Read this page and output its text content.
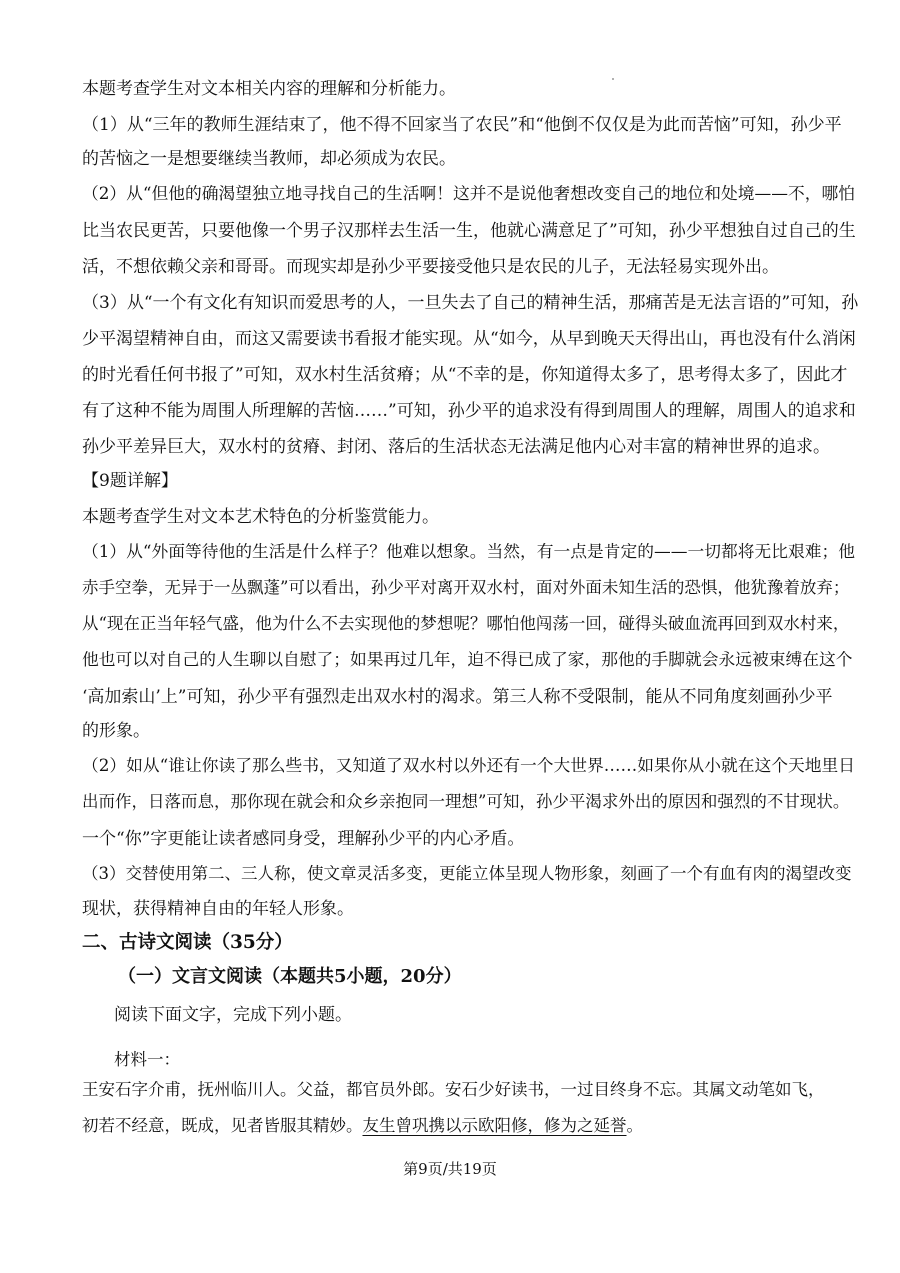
本题考查学生对文本相关内容的理解和分析能力。
（1）从“三年的教师生涯结束了，他不得不回家当了农民”和“他倒不仅仅是为此而苦恼”可知，孙少平
的苦恼之一是想要继续当教师，却必须成为农民。
（2）从“但他的确渴望独立地寻找自己的生活啊！这并不是说他奢想改变自己的地位和处境——不，哪怕
比当农民更苦，只要他像一个男子汉那样去生活一生，他就心满意足了”可知，孙少平想独自过自己的生
活，不想依赖父亲和哥哥。而现实却是孙少平要接受他只是农民的儿子，无法轻易实现外出。
（3）从“一个有文化有知识而爱思考的人，一旦失去了自己的精神生活，那痛苦是无法言语的”可知，孙
少平渴望精神自由，而这又需要读书看报才能实现。从“如今，从早到晚天天得出山，再也没有什么消闲
的时光看任何书报了”可知，双水村生活贫瘠；从“不幸的是，你知道得太多了，思考得太多了，因此才
有了这种不能为周围人所理解的苦恼……”可知，孙少平的追求没有得到周围人的理解，周围人的追求和
孙少平差异巨大，双水村的贫瘠、封闭、落后的生活状态无法满足他内心对丰富的精神世界的追求。
【9题详解】
本题考查学生对文本艺术特色的分析鉴赏能力。
（1）从“外面等待他的生活是什么样子？他难以想象。当然，有一点是肯定的——一切都将无比艰难；他
赤手空拳，无异于一丛飘蓬”可以看出，孙少平对离开双水村，面对外面未知生活的恐惧，他犹豫着放弃；
从“现在正当年轻气盛，他为什么不去实现他的梦想呢？哪怕他闯荡一回，碰得头破血流再回到双水村来，
他也可以对自己的人生聊以自慰了；如果再过几年，迫不得已成了家，那他的手脚就会永远被束缚在这个
‘高加索山’上”可知，孙少平有强烈走出双水村的渴求。第三人称不受限制，能从不同角度刻画孙少平
的形象。
（2）如从“谁让你读了那么些书，又知道了双水村以外还有一个大世界……如果你从小就在这个天地里日
出而作，日落而息，那你现在就会和众乡亲抱同一理想”可知，孙少平渴求外出的原因和强烈的不甘现状。
一个“你”字更能让读者感同身受，理解孙少平的内心矛盾。
（3）交替使用第二、三人称，使文章灵活多变，更能立体呈现人物形象，刻画了一个有血有肉的渴望改变
现状，获得精神自由的年轻人形象。
二、古诗文阅读（35分）
（一）文言文阅读（本题共5小题，20分）
阅读下面文字，完成下列小题。
材料一：
王安石字介甫，抚州临川人。父益，都官员外郎。安石少好读书，一过目终身不忘。其属文动笔如飞，
初若不经意，既成，见者皆服其精妙。友生曾巩携以示欧阳修，修为之延誉。
第9页/共19页
